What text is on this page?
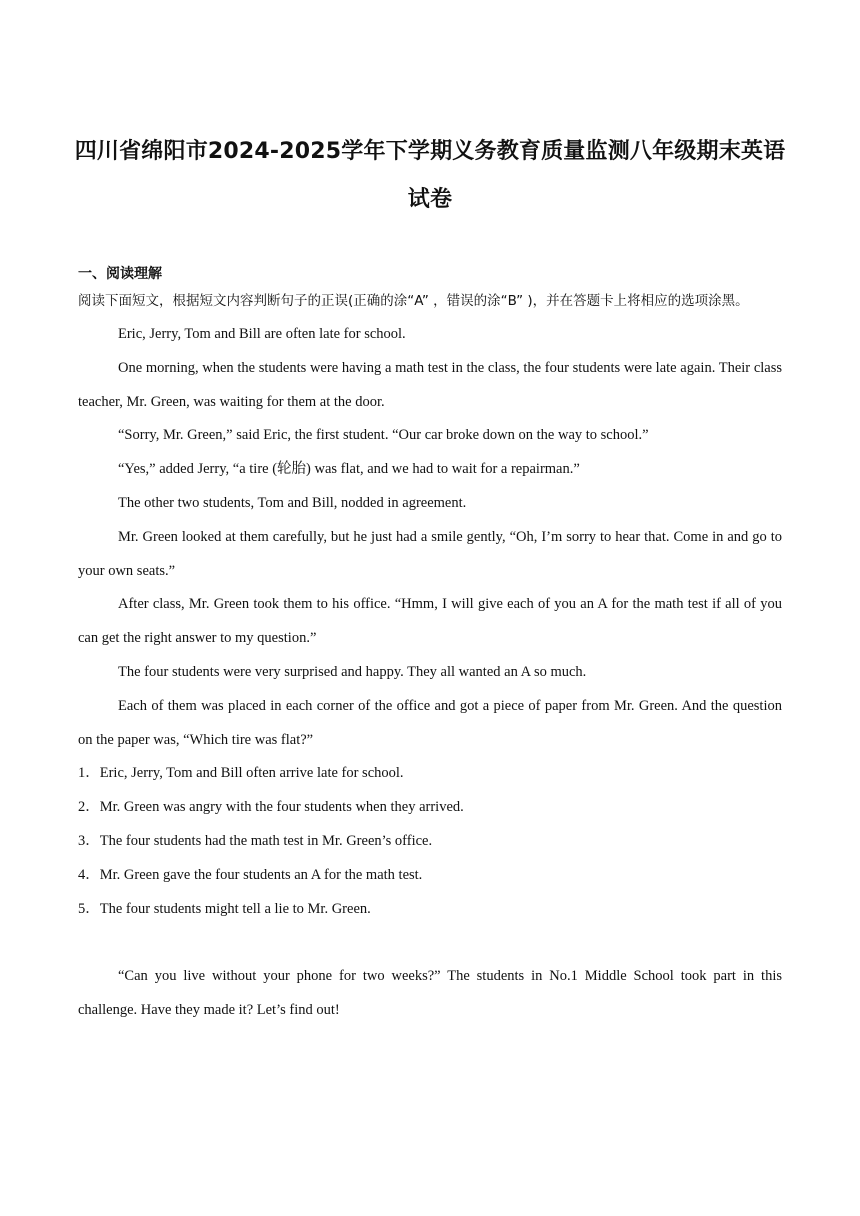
四川省绵阳市2024-2025学年下学期义务教育质量监测八年级期末英语试卷

一、阅读理解

阅读下面短文，根据短文内容判断句子的正误(正确的涂“A” ，错误的涂“B” )，并在答题卡上将相应的选项涂黑。

Eric, Jerry, Tom and Bill are often late for school.

One morning, when the students were having a math test in the class, the four students were late again. Their class teacher, Mr. Green, was waiting for them at the door.

“Sorry, Mr. Green,” said Eric, the first student. “Our car broke down on the way to school.”

“Yes,” added Jerry, “a tire (轮胎) was flat, and we had to wait for a repairman.”

The other two students, Tom and Bill, nodded in agreement.

Mr. Green looked at them carefully, but he just had a smile gently, “Oh, I’m sorry to hear that. Come in and go to your own seats.”

After class, Mr. Green took them to his office. “Hmm, I will give each of you an A for the math test if all of you can get the right answer to my question.”

The four students were very surprised and happy. They all wanted an A so much.

Each of them was placed in each corner of the office and got a piece of paper from Mr. Green. And the question on the paper was, “Which tire was flat?”

1．Eric, Jerry, Tom and Bill often arrive late for school.

2．Mr. Green was angry with the four students when they arrived.

3．The four students had the math test in Mr. Green’s office.

4．Mr. Green gave the four students an A for the math test.

5．The four students might tell a lie to Mr. Green.

“Can you live without your phone for two weeks?” The students in No.1 Middle School took part in this challenge. Have they made it? Let’s find out!
